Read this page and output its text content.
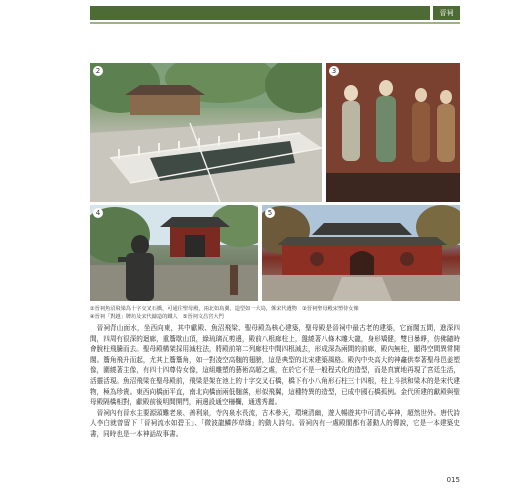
晉祠
2	3
4	5
②晉祠魚沼飛梁為十字交叉石橋，可通往聖母殿，兩北如鳥翼，造型如一大鳥，係宋代遺物　③晉祠聖母殿宋塑侍女像
④晉祠「對越」牌坊及宋代鑄造的鐵人　⑤晉祠文昌宮大門

晉祠背山面水，坐西向東，其中獻殿、魚沼飛梁、聖母殿為核心建築，聖母殿是晉祠中最古老的建築，它面闊五間，進深四間，四周有很深的迴廊，重簷歇山頂，綠琉璃瓦剪邊，殿前八根廊柱上，盤繞著八條木雕大龍，身形矯健，雙目暴睜，仿佛隨時會脫柱飛騰而去。聖母殿構架採用減柱法，將殿前第二列廊柱中間四根減去，形成深為兩間的前廊，殿內無柱，顯得空間異常開闊。簷角飛升而起，尤其上簷簷角，如一對凌空高翹的翅膀，這是典型的北宋建築風格。殿內中央高大的神龕供奉著聖母邑姜塑像，圍繞著主像，有四十四尊侍女像，這組雕塑的藝術高超之處，在於它不是一般程式化的造型，而是真實地再現了宮廷生活，活靈活現。魚沼飛梁在聖母殿前，飛梁是架在池上的十字交叉石橋，橋下有小八角形石柱三十四根，柱上斗拱和梁木的是宋代建物，極為珍貴。東西向橋面平直，南北向橋面兩低翹落，形似飛翼，這種特異的造型，已成中國石橋孤例。金代所建的獻殿與聖母殿隔橋相對，獻殿前後明間開門，兩邊設通空柵欄，通透秀麗。

晉祠內有晉水主要源頭難老泉、善利泉，寺內泉水長流，古木參天，環境清幽，遊人暢遊其中可清心寧神，超然世外。唐代詩人李白就曾留下「晉祠流水如碧玉」、「微波龍鱗莎草綠」的動人詩句。晉祠內有一處殿閣都有著動人的傳說，它是一本建築史書，同時也是一本神話故事書。

015
